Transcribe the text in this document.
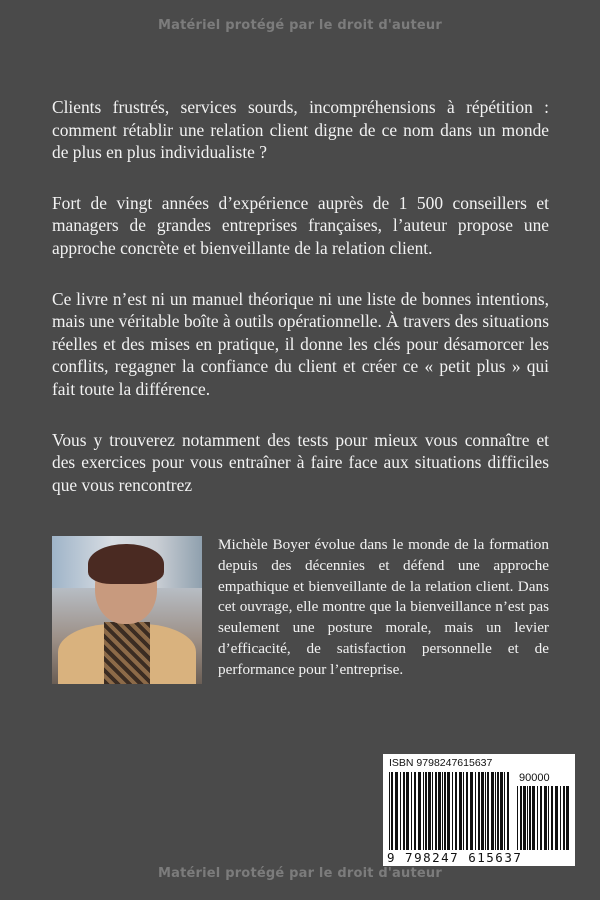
Matériel protégé par le droit d'auteur

Clients frustrés, services sourds, incompréhensions à répétition : comment rétablir une relation client digne de ce nom dans un monde de plus en plus individualiste ?

Fort de vingt années d’expérience auprès de 1 500 conseillers et managers de grandes entreprises françaises, l’auteur propose une approche concrète et bienveillante de la relation client.

Ce livre n’est ni un manuel théorique ni une liste de bonnes intentions, mais une véritable boîte à outils opérationnelle. À travers des situations réelles et des mises en pratique, il donne les clés pour désamorcer les conflits, regagner la confiance du client et créer ce « petit plus » qui fait toute la différence.

Vous y trouverez notamment des tests pour mieux vous connaître et des exercices pour vous entraîner à faire face aux situations difficiles que vous rencontrez

Michèle Boyer évolue dans le monde de la formation depuis des décennies et défend une approche empathique et bienveillante de la relation client. Dans cet ouvrage, elle montre que la bienveillance n’est pas seulement une posture morale, mais un levier d’efficacité, de satisfaction personnelle et de performance pour l’entreprise.
ISBN 9798247615637
90000
9 798247 615637
Matériel protégé par le droit d'auteur
